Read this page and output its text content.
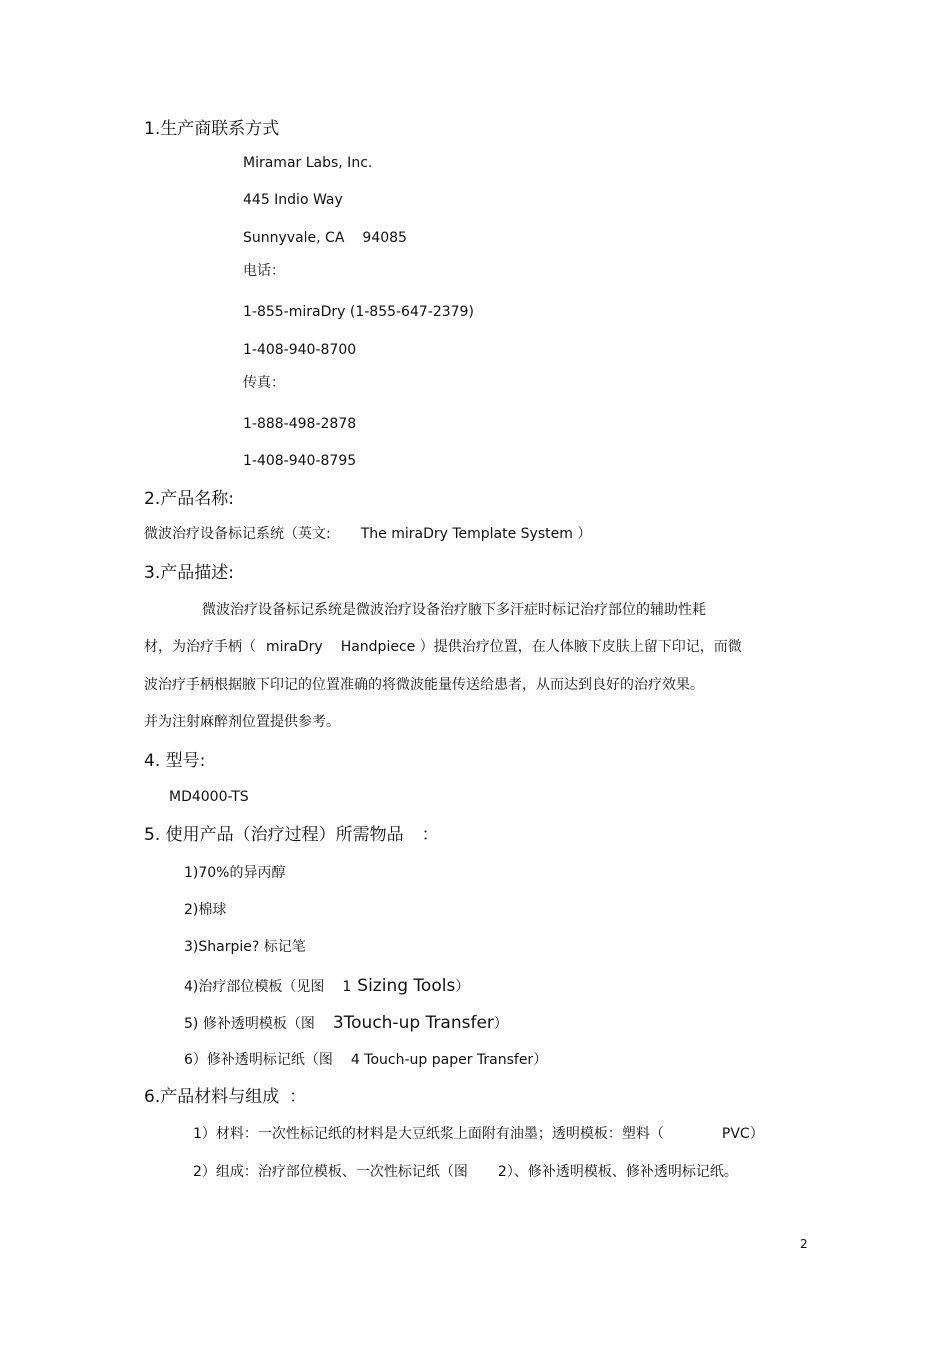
1.生产商联系方式
Miramar Labs, Inc.
445 Indio Way
Sunnyvale, CA 94085
电话：
1-855-miraDry (1-855-647-2379)
1-408-940-8700
传真：
1-888-498-2878
1-408-940-8795
2.产品名称:
微波治疗设备标记系统（英文: The miraDry Template System ）
3.产品描述:
微波治疗设备标记系统是微波治疗设备治疗腋下多汗症时标记治疗部位的辅助性耗
材，为治疗手柄（ miraDry Handpiece ）提供治疗位置，在人体腋下皮肤上留下印记，而微
波治疗手柄根据腋下印记的位置准确的将微波能量传送给患者，从而达到良好的治疗效果。
并为注射麻醉剂位置提供参考。
4. 型号:
MD4000-TS
5. 使用产品（治疗过程）所需物品 ：
1)70%的异丙醇
2)棉球
3)Sharpie? 标记笔
4)治疗部位模板（见图 1 Sizing Tools）
5) 修补透明模板（图 3Touch-up Transfer）
6）修补透明标记纸（图 4 Touch-up paper Transfer）
6.产品材料与组成 ：
1）材料：一次性标记纸的材料是大豆纸浆上面附有油墨；透明模板：塑料（	PVC）
2）组成：治疗部位模板、一次性标记纸（图 2）、修补透明模板、修补透明标记纸。
2
